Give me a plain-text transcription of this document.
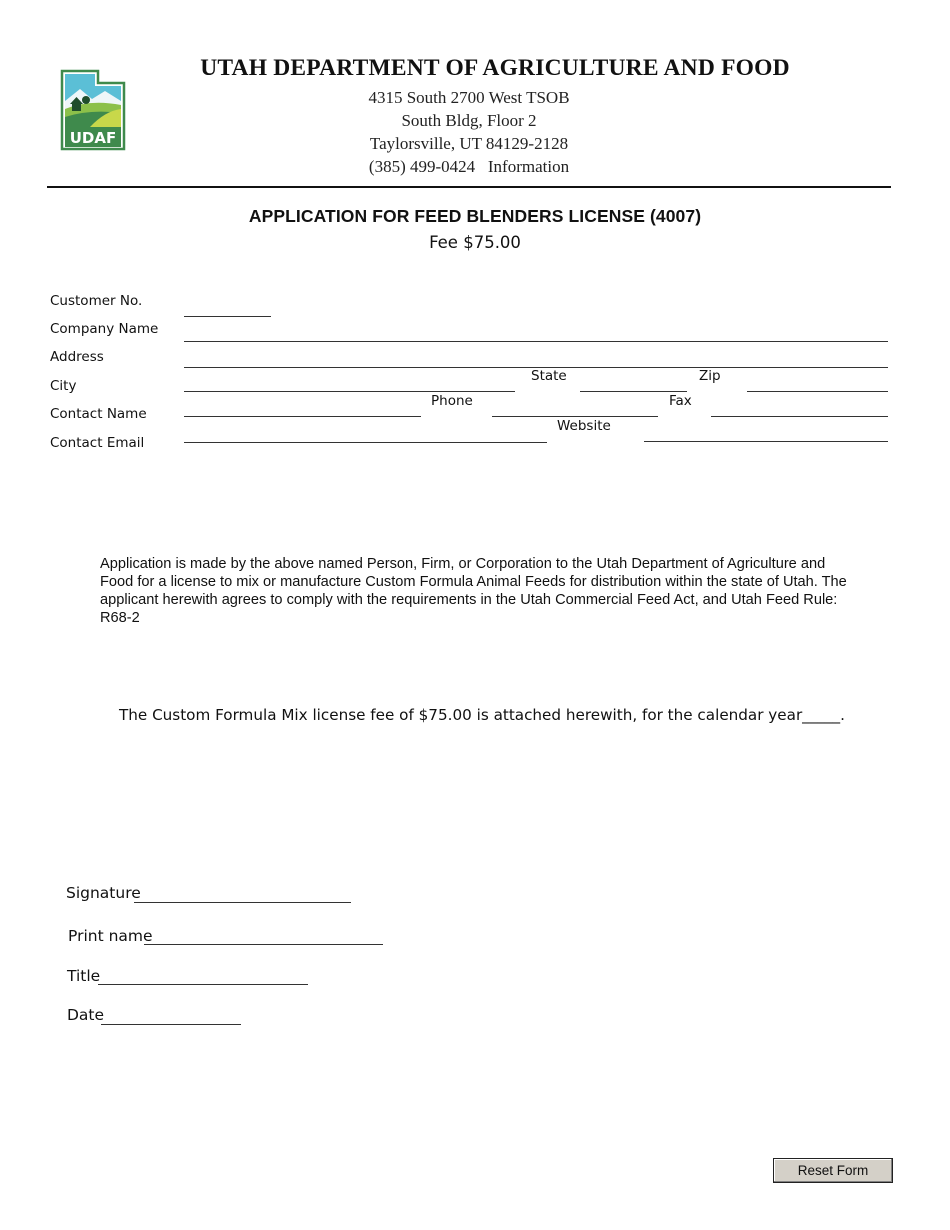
UDAF
UTAH DEPARTMENT OF AGRICULTURE AND FOOD
4315 South 2700 West TSOB
South Bldg, Floor 2
Taylorsville, UT 84129-2128
(385) 499-0424   Information
APPLICATION FOR FEED BLENDERS LICENSE (4007)
Fee $75.00
Customer No.
Company Name
Address
City
Contact Name
Contact Email
State	Zip
Phone	Fax
Website
Application is made by the above named Person, Firm, or Corporation to the Utah Department of Agriculture and Food for a license to mix or manufacture Custom Formula Animal Feeds for distribution within the state of Utah. The applicant herewith agrees to comply with the requirements in the Utah Commercial Feed Act, and Utah Feed Rule: R68-2
The Custom Formula Mix license fee of $75.00 is attached herewith, for the calendar year_____.
Signature
Print name
Title
Date
Reset Form
